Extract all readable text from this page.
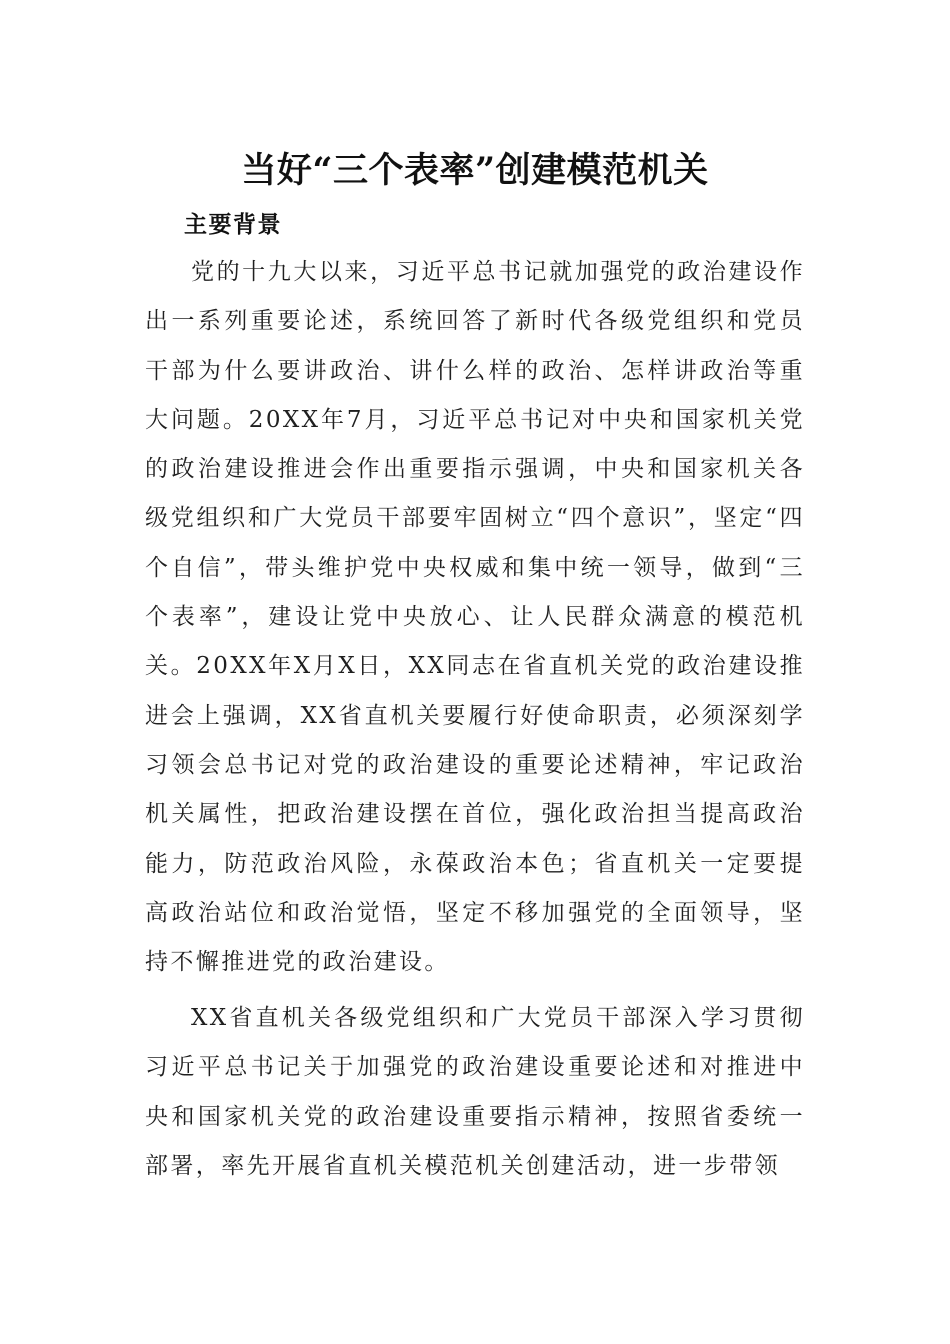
当好“三个表率”创建模范机关
主要背景

党的十九大以来，习近平总书记就加强党的政治建设作出一系列重要论述，系统回答了新时代各级党组织和党员干部为什么要讲政治、讲什么样的政治、怎样讲政治等重大问题。20XX年7月，习近平总书记对中央和国家机关党的政治建设推进会作出重要指示强调，中央和国家机关各级党组织和广大党员干部要牢固树立“四个意识”，坚定“四个自信”，带头维护党中央权威和集中统一领导，做到“三个表率”，建设让党中央放心、让人民群众满意的模范机关。20XX年X月X日，XX同志在省直机关党的政治建设推进会上强调，XX省直机关要履行好使命职责，必须深刻学习领会总书记对党的政治建设的重要论述精神，牢记政治机关属性，把政治建设摆在首位，强化政治担当提高政治能力，防范政治风险，永葆政治本色；省直机关一定要提高政治站位和政治觉悟，坚定不移加强党的全面领导，坚持不懈推进党的政治建设。

XX省直机关各级党组织和广大党员干部深入学习贯彻习近平总书记关于加强党的政治建设重要论述和对推进中央和国家机关党的政治建设重要指示精神，按照省委统一部署，率先开展省直机关模范机关创建活动，进一步带领
